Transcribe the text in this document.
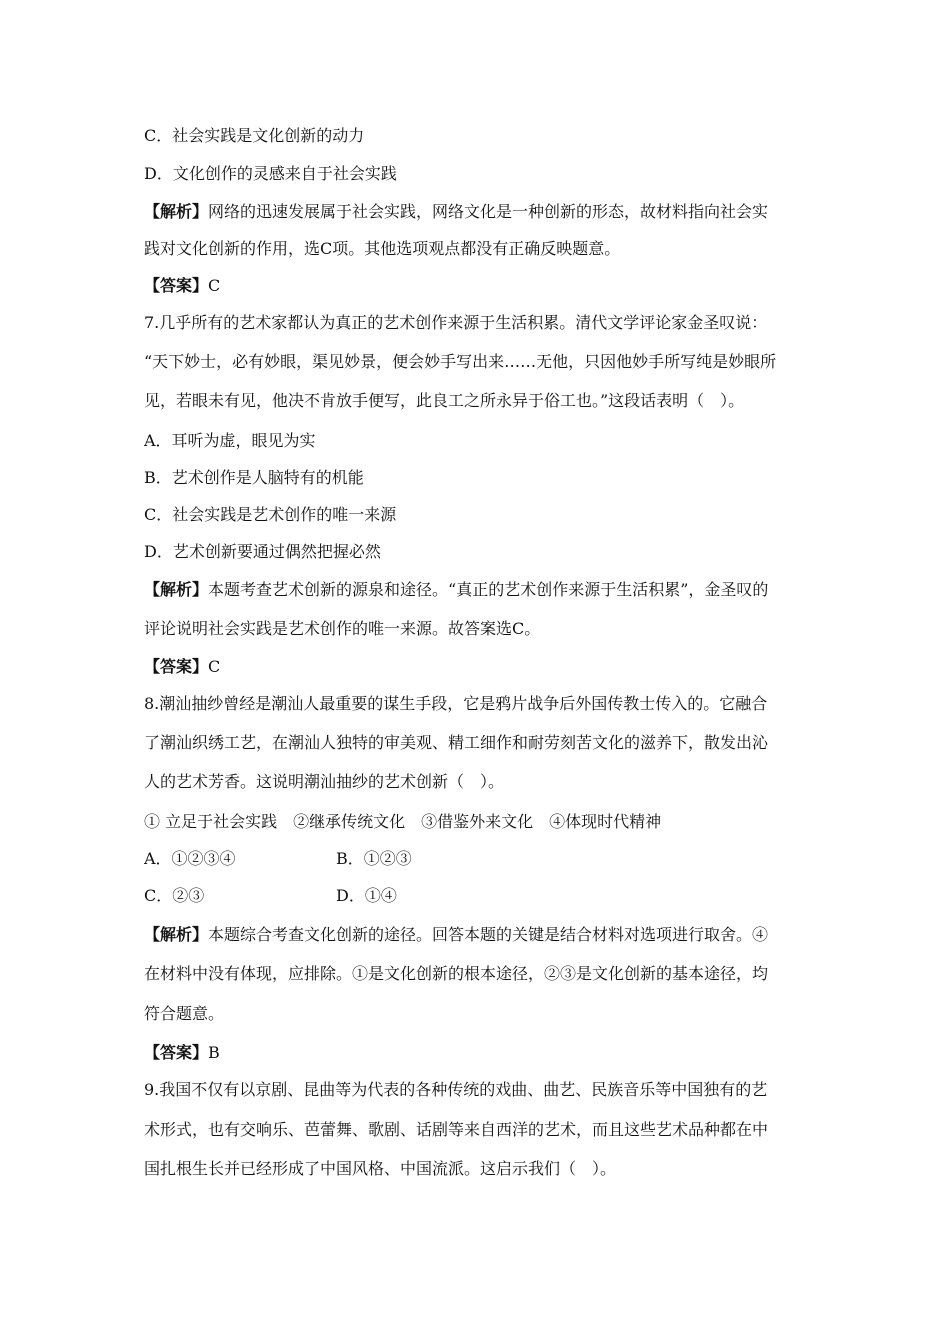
C．社会实践是文化创新的动力
D．文化创作的灵感来自于社会实践
【解析】网络的迅速发展属于社会实践，网络文化是一种创新的形态，故材料指向社会实
践对文化创新的作用，选C项。其他选项观点都没有正确反映题意。
【答案】C
7.几乎所有的艺术家都认为真正的艺术创作来源于生活积累。清代文学评论家金圣叹说：
“天下妙士，必有妙眼，渠见妙景，便会妙手写出来……无他，只因他妙手所写纯是妙眼所
见，若眼未有见，他决不肯放手便写，此良工之所永异于俗工也。”这段话表明（　）。
A．耳听为虚，眼见为实
B．艺术创作是人脑特有的机能
C．社会实践是艺术创作的唯一来源
D．艺术创新要通过偶然把握必然
【解析】本题考查艺术创新的源泉和途径。“真正的艺术创作来源于生活积累”，金圣叹的
评论说明社会实践是艺术创作的唯一来源。故答案选C。
【答案】C
8.潮汕抽纱曾经是潮汕人最重要的谋生手段，它是鸦片战争后外国传教士传入的。它融合
了潮汕织绣工艺，在潮汕人独特的审美观、精工细作和耐劳刻苦文化的滋养下，散发出沁
人的艺术芳香。这说明潮汕抽纱的艺术创新（　）。
① 立足于社会实践　②继承传统文化　③借鉴外来文化　④体现时代精神
A．①②③④	B．①②③
C．②③	D．①④
【解析】本题综合考查文化创新的途径。回答本题的关键是结合材料对选项进行取舍。④
在材料中没有体现，应排除。①是文化创新的根本途径，②③是文化创新的基本途径，均
符合题意。
【答案】B
9.我国不仅有以京剧、昆曲等为代表的各种传统的戏曲、曲艺、民族音乐等中国独有的艺
术形式，也有交响乐、芭蕾舞、歌剧、话剧等来自西洋的艺术，而且这些艺术品种都在中
国扎根生长并已经形成了中国风格、中国流派。这启示我们（　）。
